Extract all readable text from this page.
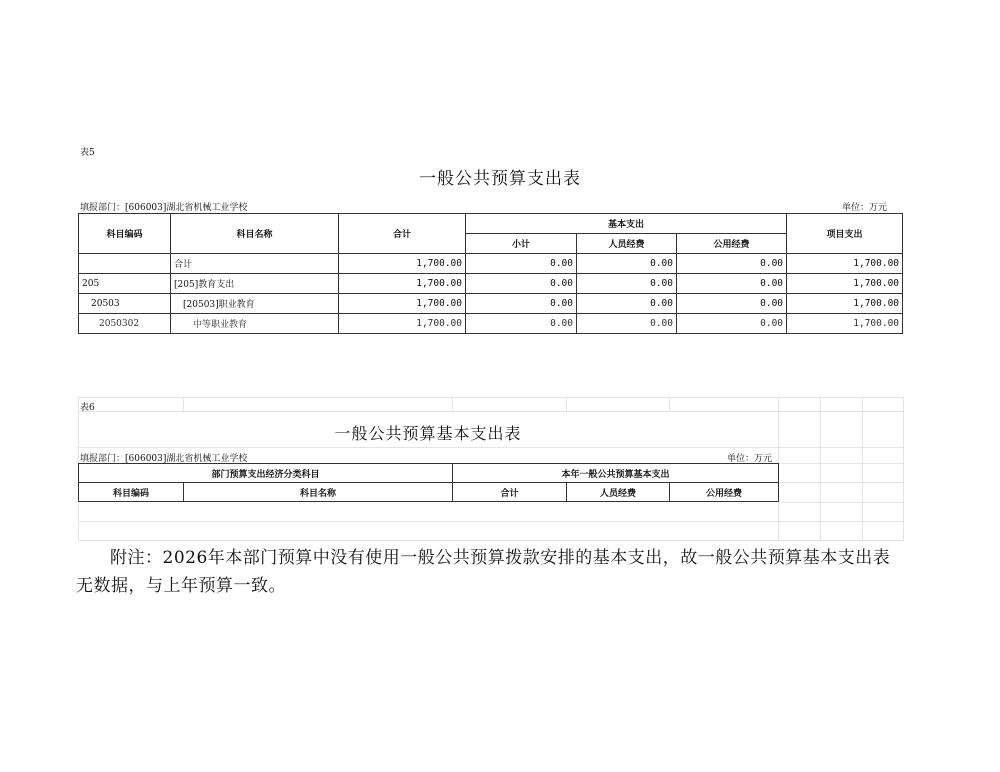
表5
一般公共预算支出表
填报部门：[606003]湖北省机械工业学校	单位：万元
科目编码	科目名称	合计	基本支出			项目支出
			小计	人员经费	公用经费	
	合计	1,700.00	0.00	0.00	0.00	1,700.00
205	[205]教育支出	1,700.00	0.00	0.00	0.00	1,700.00
20503	[20503]职业教育	1,700.00	0.00	0.00	0.00	1,700.00
2050302	中等职业教育	1,700.00	0.00	0.00	0.00	1,700.00
表6
一般公共预算基本支出表
填报部门：[606003]湖北省机械工业学校	单位：万元
部门预算支出经济分类科目		本年一般公共预算基本支出		
科目编码	科目名称	合计	人员经费	公用经费
附注：2026年本部门预算中没有使用一般公共预算拨款安排的基本支出，故一般公共预算基本支出表无数据，与上年预算一致。
